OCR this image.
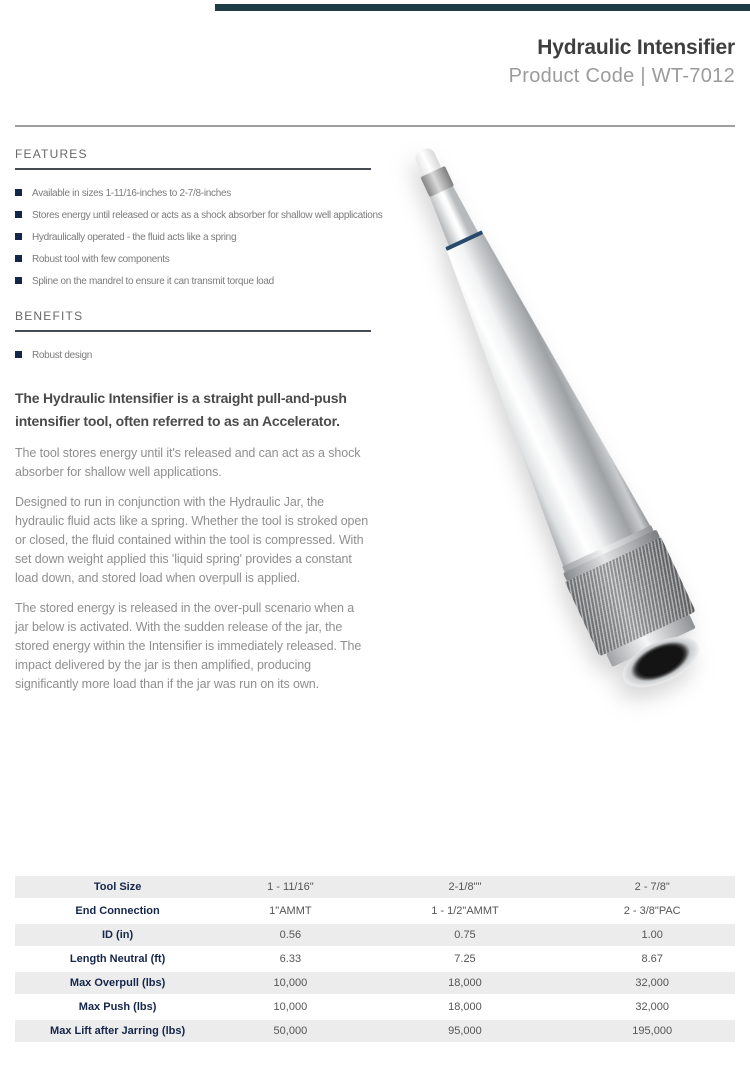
Hydraulic Intensifier
Product Code | WT-7012
FEATURES
Available in sizes 1-11/16-inches to 2-7/8-inches
Stores energy until released or acts as a shock absorber for shallow well applications
Hydraulically operated - the fluid acts like a spring
Robust tool with few components
Spline on the mandrel to ensure it can transmit torque load
BENEFITS
Robust design

The Hydraulic Intensifier is a straight pull-and-push intensifier tool, often referred to as an Accelerator.

The tool stores energy until it's released and can act as a shock absorber for shallow well applications.

Designed to run in conjunction with the Hydraulic Jar, the hydraulic fluid acts like a spring. Whether the tool is stroked open or closed, the fluid contained within the tool is compressed. With set down weight applied this 'liquid spring' provides a constant load down, and stored load when overpull is applied.

The stored energy is released in the over-pull scenario when a jar below is activated. With the sudden release of the jar, the stored energy within the Intensifier is immediately released. The impact delivered by the jar is then amplified, producing significantly more load than if the jar was run on its own.

Tool Size	1 - 11/16"	2-1/8""	2 - 7/8"
End Connection	1"AMMT	1 - 1/2"AMMT	2 - 3/8"PAC
ID (in)	0.56	0.75	1.00
Length Neutral (ft)	6.33	7.25	8.67
Max Overpull (lbs)	10,000	18,000	32,000
Max Push (lbs)	10,000	18,000	32,000
Max Lift after Jarring (lbs)	50,000	95,000	195,000
